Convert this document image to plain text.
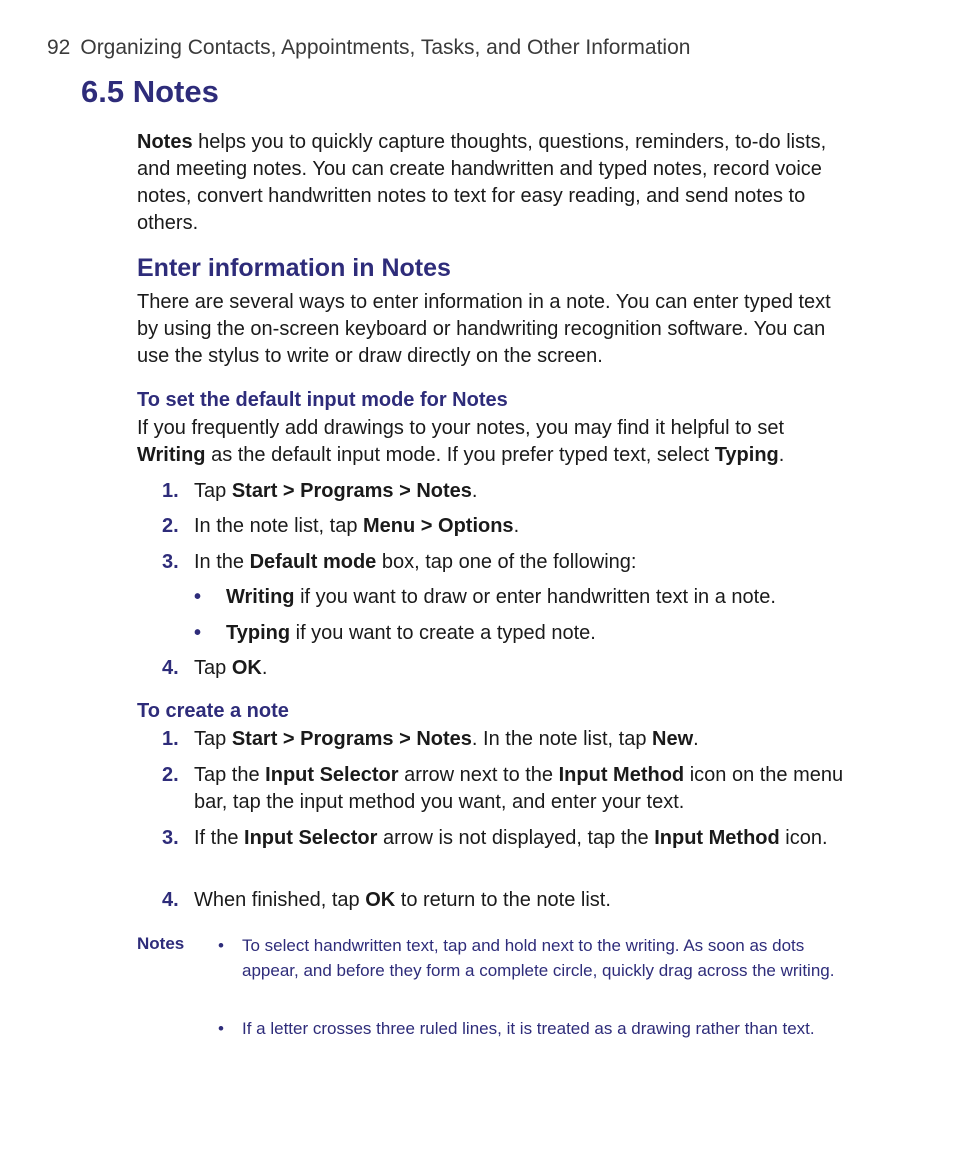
92 Organizing Contacts, Appointments, Tasks, and Other Information
6.5 Notes

Notes helps you to quickly capture thoughts, questions, reminders, to-do lists, and meeting notes. You can create handwritten and typed notes, record voice notes, convert handwritten notes to text for easy reading, and send notes to others.

Enter information in Notes

There are several ways to enter information in a note. You can enter typed text by using the on-screen keyboard or handwriting recognition software. You can use the stylus to write or draw directly on the screen.

To set the default input mode for Notes

If you frequently add drawings to your notes, you may find it helpful to set Writing as the default input mode. If you prefer typed text, select Typing.

1. Tap Start > Programs > Notes.
2. In the note list, tap Menu > Options.
3. In the Default mode box, tap one of the following:
• Writing if you want to draw or enter handwritten text in a note.
• Typing if you want to create a typed note.
4. Tap OK.
To create a note
1. Tap Start > Programs > Notes. In the note list, tap New.
2. Tap the Input Selector arrow next to the Input Method icon on the menu bar, tap the input method you want, and enter your text.
3. If the Input Selector arrow is not displayed, tap the Input Method icon.
4. When finished, tap OK to return to the note list.
Notes • To select handwritten text, tap and hold next to the writing. As soon as dots appear, and before they form a complete circle, quickly drag across the writing.
• If a letter crosses three ruled lines, it is treated as a drawing rather than text.
